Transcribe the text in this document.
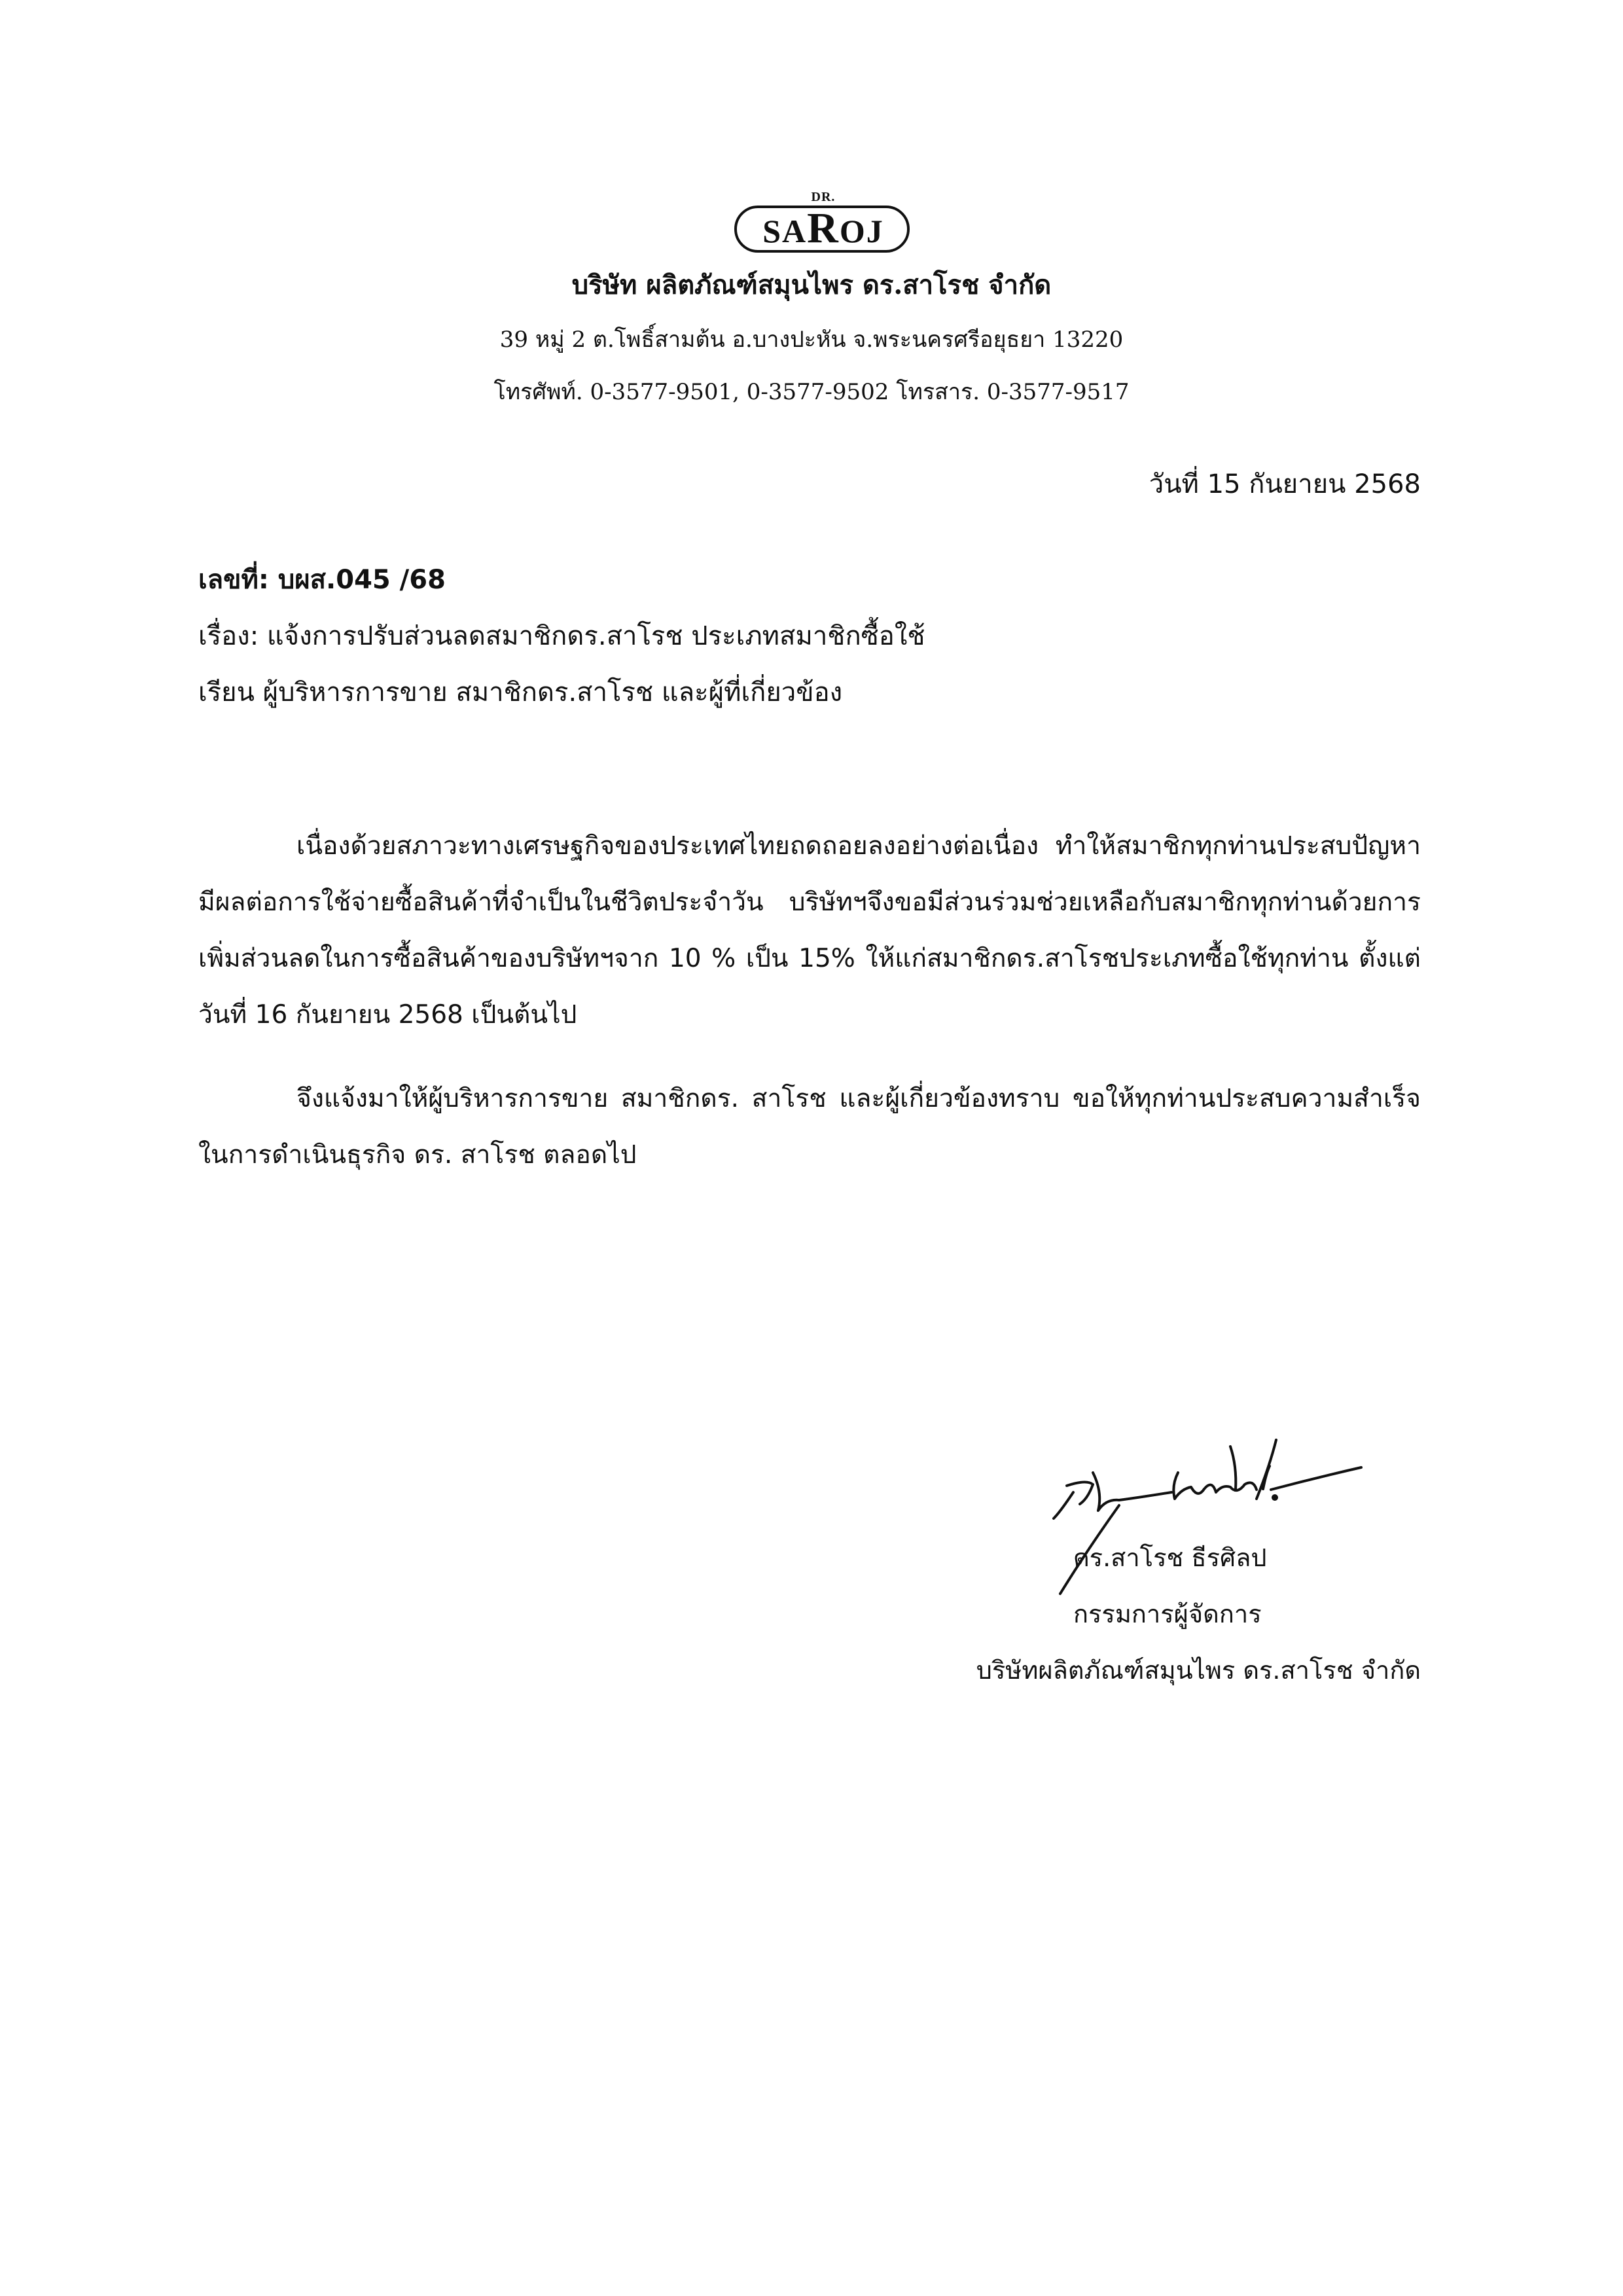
DR.
SAROJ
บริษัท ผลิตภัณฑ์สมุนไพร ดร.สาโรช จำกัด
39 หมู่ 2 ต.โพธิ์สามต้น อ.บางปะหัน จ.พระนครศรีอยุธยา 13220
โทรศัพท์. 0-3577-9501, 0-3577-9502 โทรสาร. 0-3577-9517
วันที่ 15 กันยายน 2568
เลขที่: บผส.045 /68
เรื่อง: แจ้งการปรับส่วนลดสมาชิกดร.สาโรช ประเภทสมาชิกซื้อใช้
เรียน ผู้บริหารการขาย สมาชิกดร.สาโรช และผู้ที่เกี่ยวข้อง

เนื่องด้วยสภาวะทางเศรษฐกิจของประเทศไทยถดถอยลงอย่างต่อเนื่อง ทำให้สมาชิกทุกท่านประสบปัญหา มีผลต่อการใช้จ่ายซื้อสินค้าที่จำเป็นในชีวิตประจำวัน บริษัทฯจึงขอมีส่วนร่วมช่วยเหลือกับสมาชิกทุกท่านด้วยการเพิ่มส่วนลดในการซื้อสินค้าของบริษัทฯจาก 10 % เป็น 15% ให้แก่สมาชิกดร.สาโรชประเภทซื้อใช้ทุกท่าน ตั้งแต่วันที่ 16 กันยายน 2568 เป็นต้นไป

จึงแจ้งมาให้ผู้บริหารการขาย สมาชิกดร. สาโรช และผู้เกี่ยวข้องทราบ ขอให้ทุกท่านประสบความสำเร็จในการดำเนินธุรกิจ ดร. สาโรช ตลอดไป

ดร.สาโรช ธีรศิลป
กรรมการผู้จัดการ
บริษัทผลิตภัณฑ์สมุนไพร ดร.สาโรช จำกัด
